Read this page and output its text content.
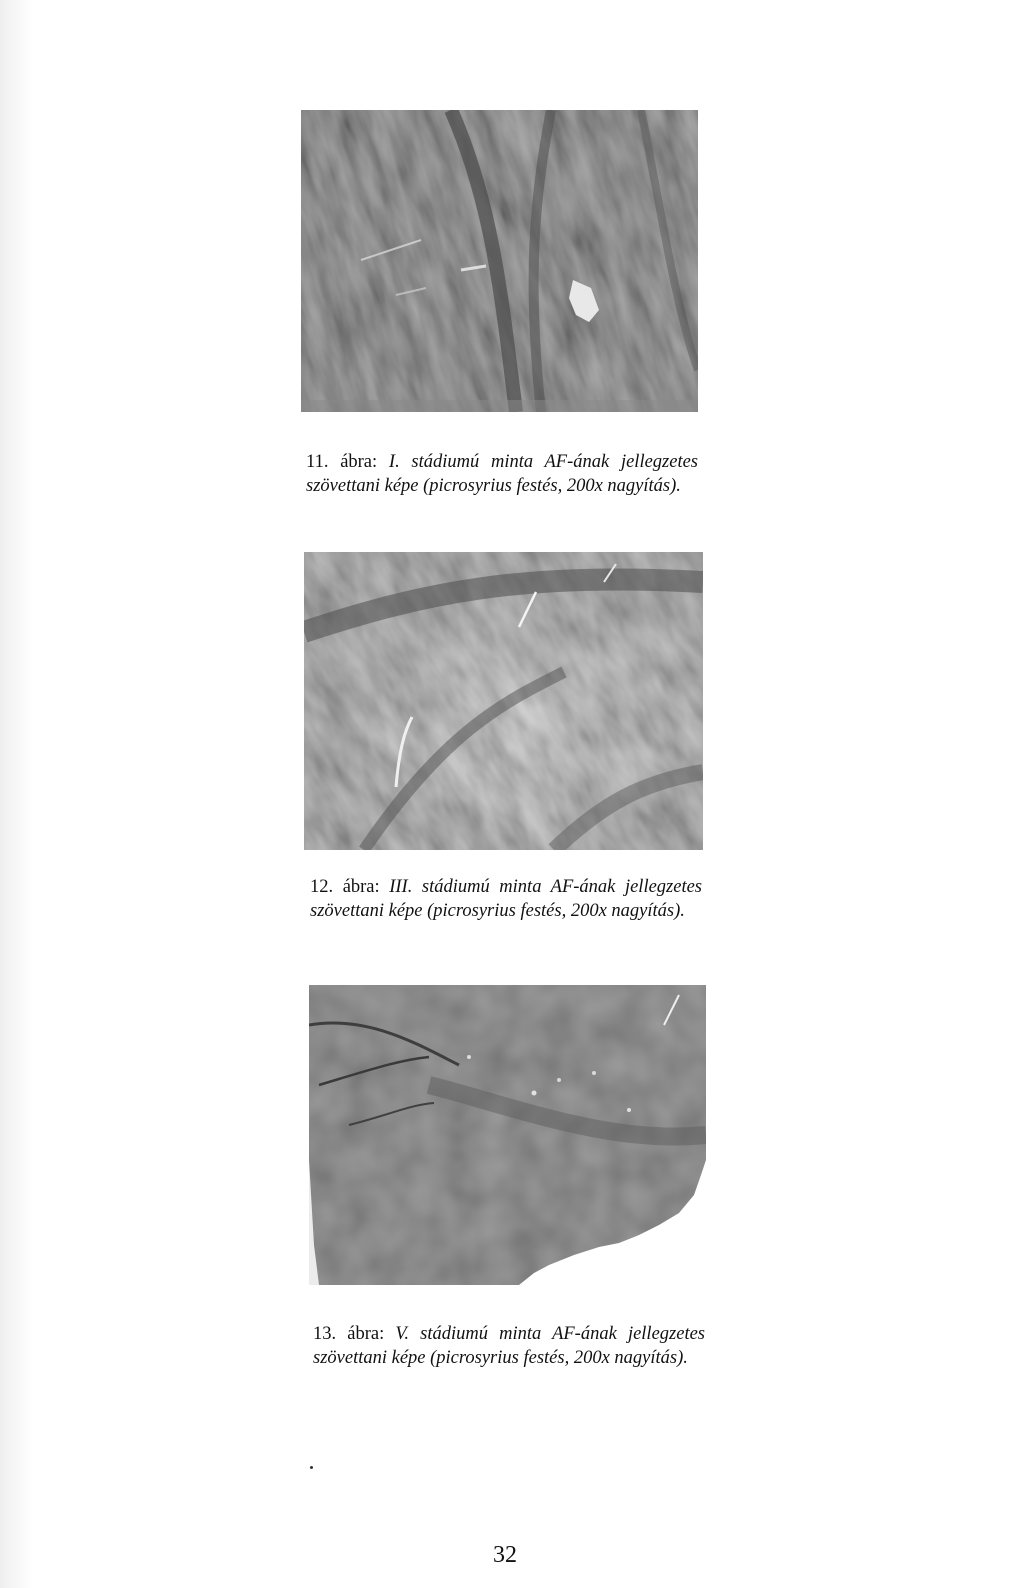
11. ábra: I. stádiumú minta AF-ának jellegzetes szövettani képe (picrosyrius festés, 200x nagyítás).
12. ábra: III. stádiumú minta AF-ának jellegzetes szövettani képe (picrosyrius festés, 200x nagyítás).
13. ábra: V. stádiumú minta AF-ának jellegzetes szövettani képe (picrosyrius festés, 200x nagyítás).
32
